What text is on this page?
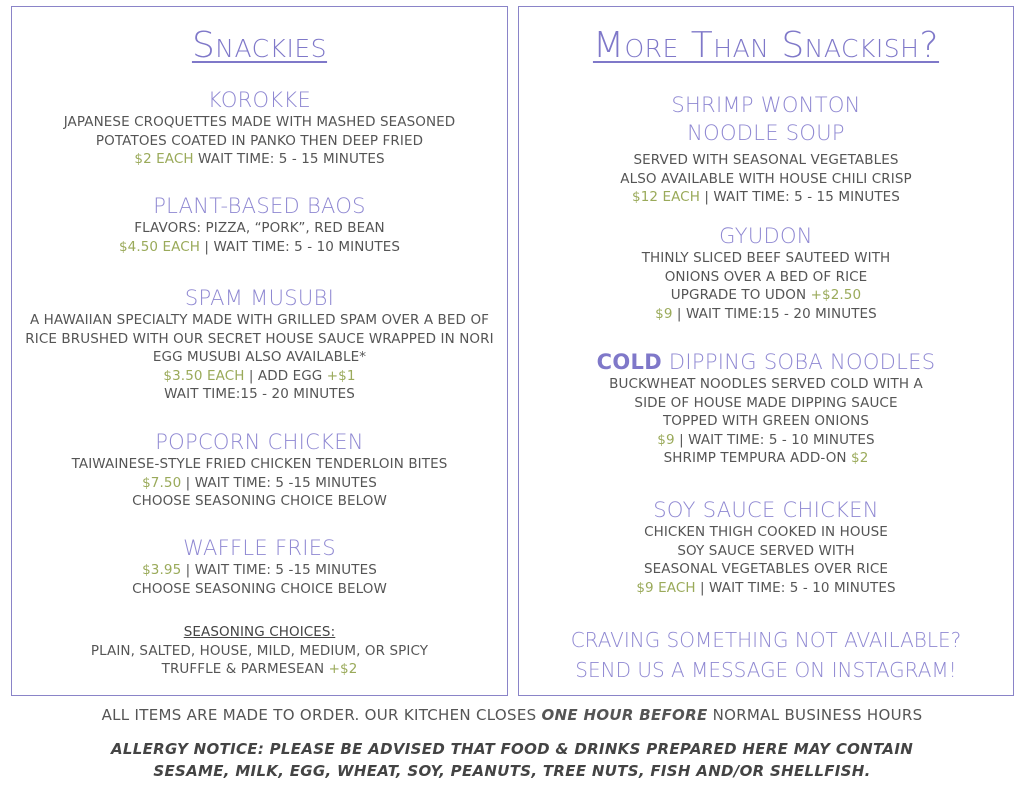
Snackies
KOROKKE
JAPANESE CROQUETTES MADE WITH MASHED SEASONED
POTATOES COATED IN PANKO THEN DEEP FRIED
$2 EACH WAIT TIME: 5 - 15 MINUTES
PLANT-BASED BAOS
FLAVORS: PIZZA, “PORK”, RED BEAN
$4.50 EACH | WAIT TIME: 5 - 10 MINUTES
SPAM MUSUBI
A HAWAIIAN SPECIALTY MADE WITH GRILLED SPAM OVER A BED OF
RICE BRUSHED WITH OUR SECRET HOUSE SAUCE WRAPPED IN NORI
EGG MUSUBI ALSO AVAILABLE*
$3.50 EACH | ADD EGG +$1
WAIT TIME:15 - 20 MINUTES
POPCORN CHICKEN
TAIWAINESE-STYLE FRIED CHICKEN TENDERLOIN BITES
$7.50 | WAIT TIME: 5 -15 MINUTES
CHOOSE SEASONING CHOICE BELOW
WAFFLE FRIES
$3.95 | WAIT TIME: 5 -15 MINUTES
CHOOSE SEASONING CHOICE BELOW
SEASONING CHOICES:
PLAIN, SALTED, HOUSE, MILD, MEDIUM, OR SPICY
TRUFFLE & PARMESEAN +$2
More Than Snackish?
SHRIMP WONTON
NOODLE SOUP
SERVED WITH SEASONAL VEGETABLES
ALSO AVAILABLE WITH HOUSE CHILI CRISP
$12 EACH | WAIT TIME: 5 - 15 MINUTES
GYUDON
THINLY SLICED BEEF SAUTEED WITH
ONIONS OVER A BED OF RICE
UPGRADE TO UDON +$2.50
$9 | WAIT TIME:15 - 20 MINUTES
COLD DIPPING SOBA NOODLES
BUCKWHEAT NOODLES SERVED COLD WITH A
SIDE OF HOUSE MADE DIPPING SAUCE
TOPPED WITH GREEN ONIONS
$9 | WAIT TIME: 5 - 10 MINUTES
SHRIMP TEMPURA ADD-ON $2
SOY SAUCE CHICKEN
CHICKEN THIGH COOKED IN HOUSE
SOY SAUCE SERVED WITH
SEASONAL VEGETABLES OVER RICE
$9 EACH | WAIT TIME: 5 - 10 MINUTES
CRAVING SOMETHING NOT AVAILABLE?
SEND US A MESSAGE ON INSTAGRAM!
ALL ITEMS ARE MADE TO ORDER. OUR KITCHEN CLOSES ONE HOUR BEFORE NORMAL BUSINESS HOURS
ALLERGY NOTICE: PLEASE BE ADVISED THAT FOOD & DRINKS PREPARED HERE MAY CONTAIN
SESAME, MILK, EGG, WHEAT, SOY, PEANUTS, TREE NUTS, FISH AND/OR SHELLFISH.
